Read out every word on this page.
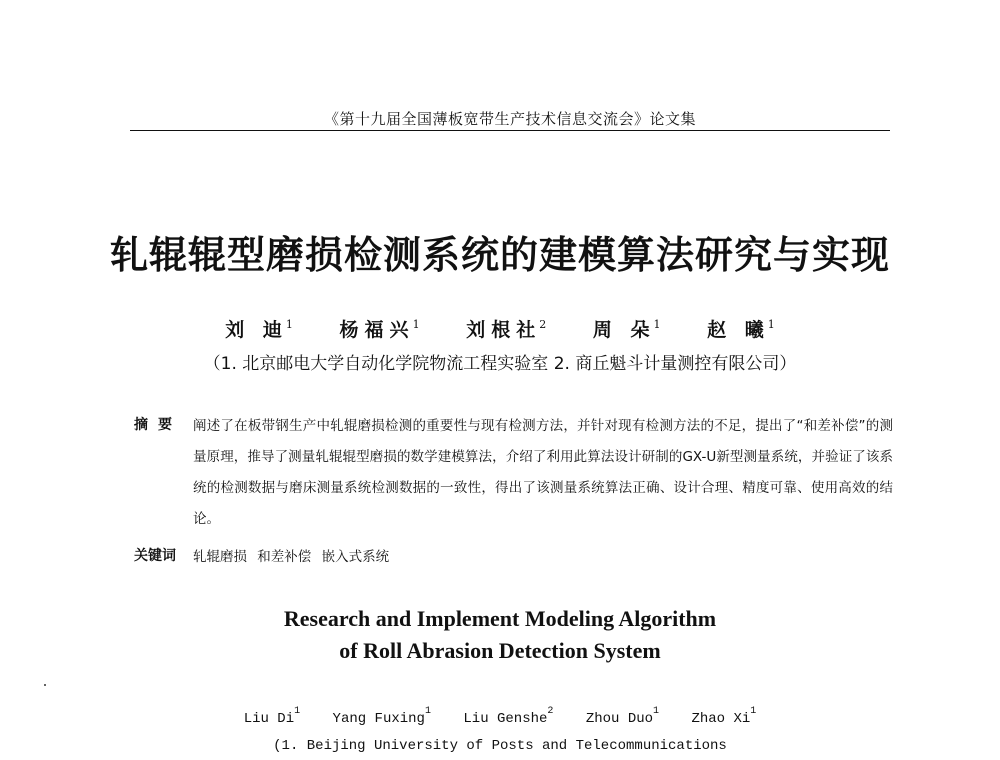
《第十九届全国薄板宽带生产技术信息交流会》论文集
轧辊辊型磨损检测系统的建模算法研究与实现
刘 迪$^1$ 杨福兴$^1$ 刘根社$^2$ 周 朵$^1$ 赵 曦$^1$
（1. 北京邮电大学自动化学院物流工程实验室 2. 商丘魁斗计量测控有限公司）
摘要 阐述了在板带钢生产中轧辊磨损检测的重要性与现有检测方法，并针对现有检测方法的不足，提出了“和差补偿”的测量原理，推导了测量轧辊辊型磨损的数学建模算法，介绍了利用此算法设计研制的GX-U新型测量系统，并验证了该系统的检测数据与磨床测量系统检测数据的一致性，得出了该测量系统算法正确、设计合理、精度可靠、使用高效的结论。
关键词 轧辊磨损 和差补偿 嵌入式系统
Research and Implement Modeling Algorithm
of Roll Abrasion Detection System
Liu Di$^1$ Yang Fuxing$^1$ Liu Genshe$^2$ Zhou Duo$^1$ Zhao Xi$^1$
(1. Beijing University of Posts and Telecommunications
